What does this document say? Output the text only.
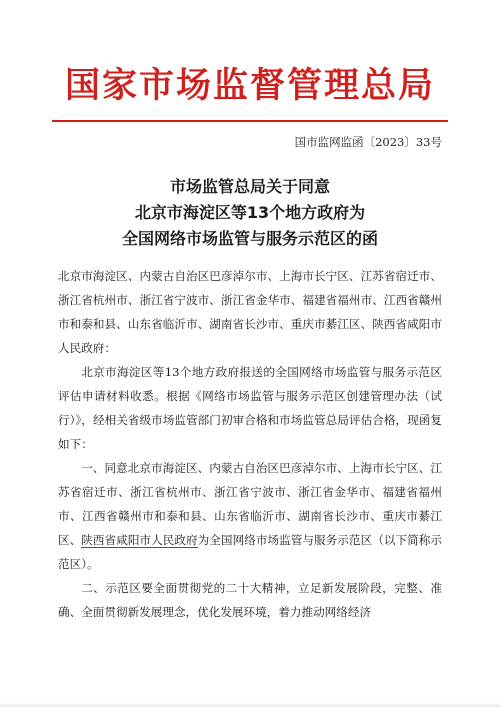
国家市场监督管理总局
国市监网监函〔2023〕33号
市场监管总局关于同意
北京市海淀区等13个地方政府为
全国网络市场监管与服务示范区的函

北京市海淀区、内蒙古自治区巴彦淖尔市、上海市长宁区、江苏省宿迁市、浙江省杭州市、浙江省宁波市、浙江省金华市、福建省福州市、江西省赣州市和泰和县、山东省临沂市、湖南省长沙市、重庆市綦江区、陕西省咸阳市人民政府：

北京市海淀区等13个地方政府报送的全国网络市场监管与服务示范区评估申请材料收悉。根据《网络市场监管与服务示范区创建管理办法（试行）》，经相关省级市场监管部门初审合格和市场监管总局评估合格，现函复如下：

一、同意北京市海淀区、内蒙古自治区巴彦淖尔市、上海市长宁区、江苏省宿迁市、浙江省杭州市、浙江省宁波市、浙江省金华市、福建省福州市、江西省赣州市和泰和县、山东省临沂市、湖南省长沙市、重庆市綦江区、陕西省咸阳市人民政府为全国网络市场监管与服务示范区（以下简称示范区）。

二、示范区要全面贯彻党的二十大精神，立足新发展阶段，完整、准确、全面贯彻新发展理念，优化发展环境，着力推动网络经济
